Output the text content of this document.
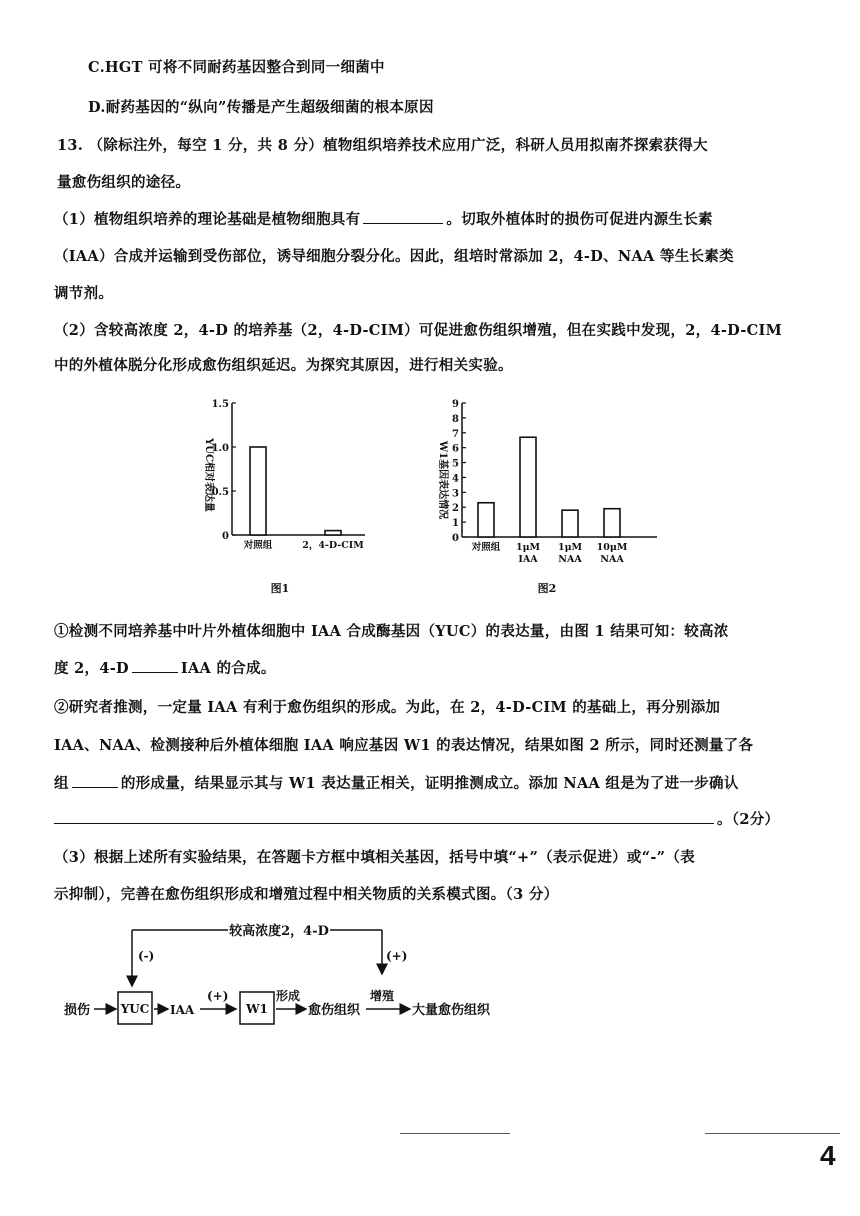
C.HGT 可将不同耐药基因整合到同一细菌中
D.耐药基因的“纵向”传播是产生超级细菌的根本原因
13. （除标注外，每空 1 分，共 8 分）植物组织培养技术应用广泛，科研人员用拟南芥探索获得大
量愈伤组织的途径。
（1）植物组织培养的理论基础是植物细胞具有	。切取外植体时的损伤可促进内源生长素
（IAA）合成并运输到受伤部位，诱导细胞分裂分化。因此，组培时常添加 2，4-D、NAA 等生长素类
调节剂。
（2）含较高浓度 2，4-D 的培养基（2，4-D-CIM）可促进愈伤组织增殖，但在实践中发现，2，4-D-CIM
中的外植体脱分化形成愈伤组织延迟。为探究其原因，进行相关实验。
YUC相对表达量
0
0.5
1.0
1.5
对照组	2，4-D-CIM
图1
W1基因表达情况
0
1
2
3
4
5
6
7
8
9
对照组 1μM
IAA
1μM
NAA
10μM
NAA
图2
①检测不同培养基中叶片外植体细胞中 IAA 合成酶基因（YUC）的表达量，由图 1 结果可知：较高浓
度 2，4-D	IAA 的合成。
②研究者推测，一定量 IAA 有利于愈伤组织的形成。为此，在 2，4-D-CIM 的基础上，再分别添加
IAA、NAA、检测接种后外植体细胞 IAA 响应基因 W1 的表达情况，结果如图 2 所示，同时还测量了各
组	的形成量，结果显示其与 W1 表达量正相关，证明推测成立。添加 NAA 组是为了进一步确认
。（2分）
（3）根据上述所有实验结果，在答题卡方框中填相关基因，括号中填“+”（表示促进）或“-”（表
示抑制），完善在愈伤组织形成和增殖过程中相关物质的关系模式图。（3 分）
较高浓度2，4-D
(-)	(+)
损伤	YUC IAA
(+)
W1
形成
愈伤组织
增殖
大量愈伤组织
4
